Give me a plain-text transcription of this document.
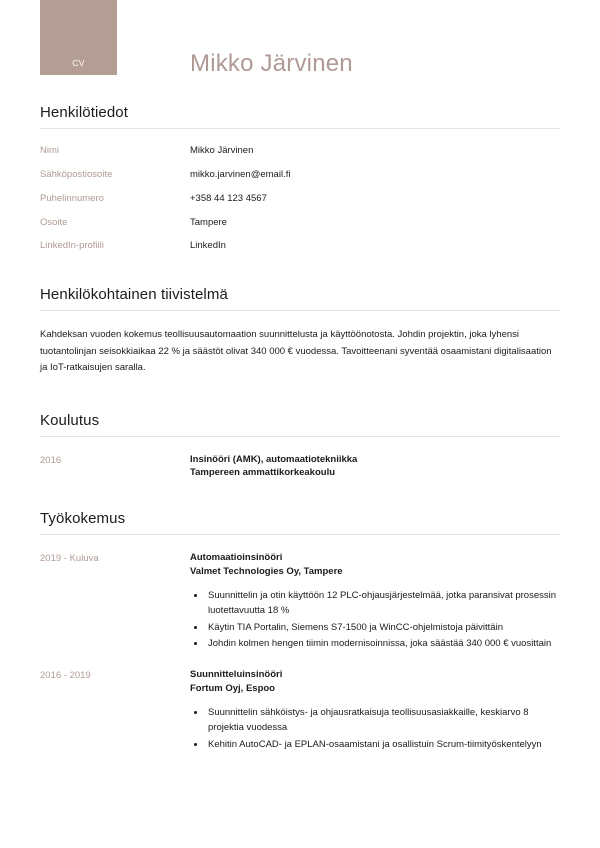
CV	Mikko Järvinen
Henkilötiedot
Nimi	Mikko Järvinen
Sähköpostiosoite	mikko.jarvinen@email.fi
Puhelinnumero	+358 44 123 4567
Osoite	Tampere
LinkedIn-profiili	LinkedIn
Henkilökohtainen tiivistelmä

Kahdeksan vuoden kokemus teollisuusautomaation suunnittelusta ja käyttöönotosta. Johdin projektin, joka lyhensi tuotantolinjan seisokkiaikaa 22 % ja säästöt olivat 340 000 € vuodessa. Tavoitteenani syventää osaamistani digitalisaation ja IoT-ratkaisujen saralla.

Koulutus
2016	Insinööri (AMK), automaatiotekniikka
Tampereen ammattikorkeakoulu
Työkokemus
2019 - Kuluva	Automaatioinsinööri
Valmet Technologies Oy, Tampere
• Suunnittelin ja otin käyttöön 12 PLC-ohjausjärjestelmää, jotka paransivat prosessin luotettavuutta 18 %
• Käytin TIA Portalin, Siemens S7-1500 ja WinCC-ohjelmistoja päivittäin
• Johdin kolmen hengen tiimin modernisoinnissa, joka säästää 340 000 € vuosittain
2016 - 2019	Suunnitteluinsinööri
Fortum Oyj, Espoo
• Suunnittelin sähköistys- ja ohjausratkaisuja teollisuusasiakkaille, keskiarvo 8 projektia vuodessa
• Kehitin AutoCAD- ja EPLAN-osaamistani ja osallistuin Scrum-tiimityöskentelyyn
